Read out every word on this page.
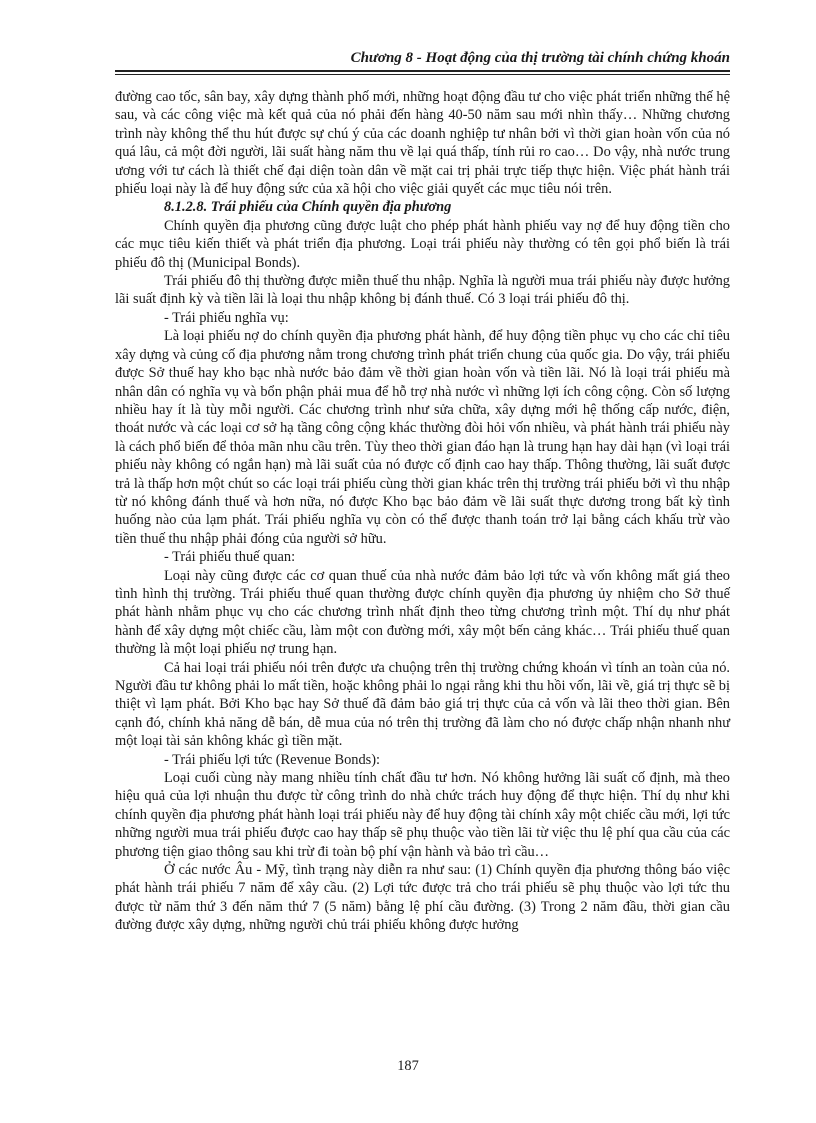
Chương 8 - Hoạt động của thị trường tài chính chứng khoán

đường cao tốc, sân bay, xây dựng thành phố mới, những hoạt động đầu tư cho việc phát triển những thế hệ sau, và các công việc mà kết quả của nó phải đến hàng 40-50 năm sau mới nhìn thấy… Những chương trình này không thể thu hút được sự chú ý của các doanh nghiệp tư nhân bởi vì thời gian hoàn vốn của nó quá lâu, cả một đời người, lãi suất hàng năm thu về lại quá thấp, tính rủi ro cao… Do vậy, nhà nước trung ương với tư cách là thiết chế đại diện toàn dân về mặt cai trị phải trực tiếp thực hiện. Việc phát hành trái phiếu loại này là để huy động sức của xã hội cho việc giải quyết các mục tiêu nói trên.

8.1.2.8. Trái phiếu của Chính quyền địa phương

Chính quyền địa phương cũng được luật cho phép phát hành phiếu vay nợ để huy động tiền cho các mục tiêu kiến thiết và phát triển địa phương. Loại trái phiếu này thường có tên gọi phổ biến là trái phiếu đô thị (Municipal Bonds).

Trái phiếu đô thị thường được miễn thuế thu nhập. Nghĩa là người mua trái phiếu này được hưởng lãi suất định kỳ và tiền lãi là loại thu nhập không bị đánh thuế. Có 3 loại trái phiếu đô thị.

- Trái phiếu nghĩa vụ:

Là loại phiếu nợ do chính quyền địa phương phát hành, để huy động tiền phục vụ cho các chỉ tiêu xây dựng và củng cố địa phương nằm trong chương trình phát triển chung của quốc gia. Do vậy, trái phiếu được Sở thuế hay kho bạc nhà nước bảo đảm về thời gian hoàn vốn và tiền lãi. Nó là loại trái phiếu mà nhân dân có nghĩa vụ và bổn phận phải mua để hỗ trợ nhà nước vì những lợi ích công cộng. Còn số lượng nhiều hay ít là tùy mỗi người. Các chương trình như sửa chữa, xây dựng mới hệ thống cấp nước, điện, thoát nước và các loại cơ sở hạ tầng công cộng khác thường đòi hỏi vốn nhiều, và phát hành trái phiếu này là cách phổ biến để thỏa mãn nhu cầu trên. Tùy theo thời gian đáo hạn là trung hạn hay dài hạn (vì loại trái phiếu này không có ngắn hạn) mà lãi suất của nó được cố định cao hay thấp. Thông thường, lãi suất được trả là thấp hơn một chút so các loại trái phiếu cùng thời gian khác trên thị trường trái phiếu bởi vì thu nhập từ nó không đánh thuế và hơn nữa, nó được Kho bạc bảo đảm về lãi suất thực dương trong bất kỳ tình huống nào của lạm phát. Trái phiếu nghĩa vụ còn có thể được thanh toán trở lại bằng cách khấu trừ vào tiền thuế thu nhập phải đóng của người sở hữu.

- Trái phiếu thuế quan:

Loại này cũng được các cơ quan thuế của nhà nước đảm bảo lợi tức và vốn không mất giá theo tình hình thị trường. Trái phiếu thuế quan thường được chính quyền địa phương ủy nhiệm cho Sở thuế phát hành nhằm phục vụ cho các chương trình nhất định theo từng chương trình một. Thí dụ như phát hành để xây dựng một chiếc cầu, làm một con đường mới, xây một bến cảng khác… Trái phiếu thuế quan thường là một loại phiếu nợ trung hạn.

Cả hai loại trái phiếu nói trên được ưa chuộng trên thị trường chứng khoán vì tính an toàn của nó. Người đầu tư không phải lo mất tiền, hoặc không phải lo ngại rằng khi thu hồi vốn, lãi về, giá trị thực sẽ bị thiệt vì lạm phát. Bởi Kho bạc hay Sở thuế đã đảm bảo giá trị thực của cả vốn và lãi theo thời gian. Bên cạnh đó, chính khả năng dễ bán, dễ mua của nó trên thị trường đã làm cho nó được chấp nhận nhanh như một loại tài sản không khác gì tiền mặt.

- Trái phiếu lợi tức (Revenue Bonds):

Loại cuối cùng này mang nhiều tính chất đầu tư hơn. Nó không hưởng lãi suất cố định, mà theo hiệu quả của lợi nhuận thu được từ công trình do nhà chức trách huy động để thực hiện. Thí dụ như khi chính quyền địa phương phát hành loại trái phiếu này để huy động tài chính xây một chiếc cầu mới, lợi tức những người mua trái phiếu được cao hay thấp sẽ phụ thuộc vào tiền lãi từ việc thu lệ phí qua cầu của các phương tiện giao thông sau khi trừ đi toàn bộ phí vận hành và bảo trì cầu…

Ở các nước Âu - Mỹ, tình trạng này diễn ra như sau: (1) Chính quyền địa phương thông báo việc phát hành trái phiếu 7 năm để xây cầu. (2) Lợi tức được trả cho trái phiếu sẽ phụ thuộc vào lợi tức thu được từ năm thứ 3 đến năm thứ 7 (5 năm) bằng lệ phí cầu đường. (3) Trong 2 năm đầu, thời gian cầu đường được xây dựng, những người chủ trái phiếu không được hưởng

187
